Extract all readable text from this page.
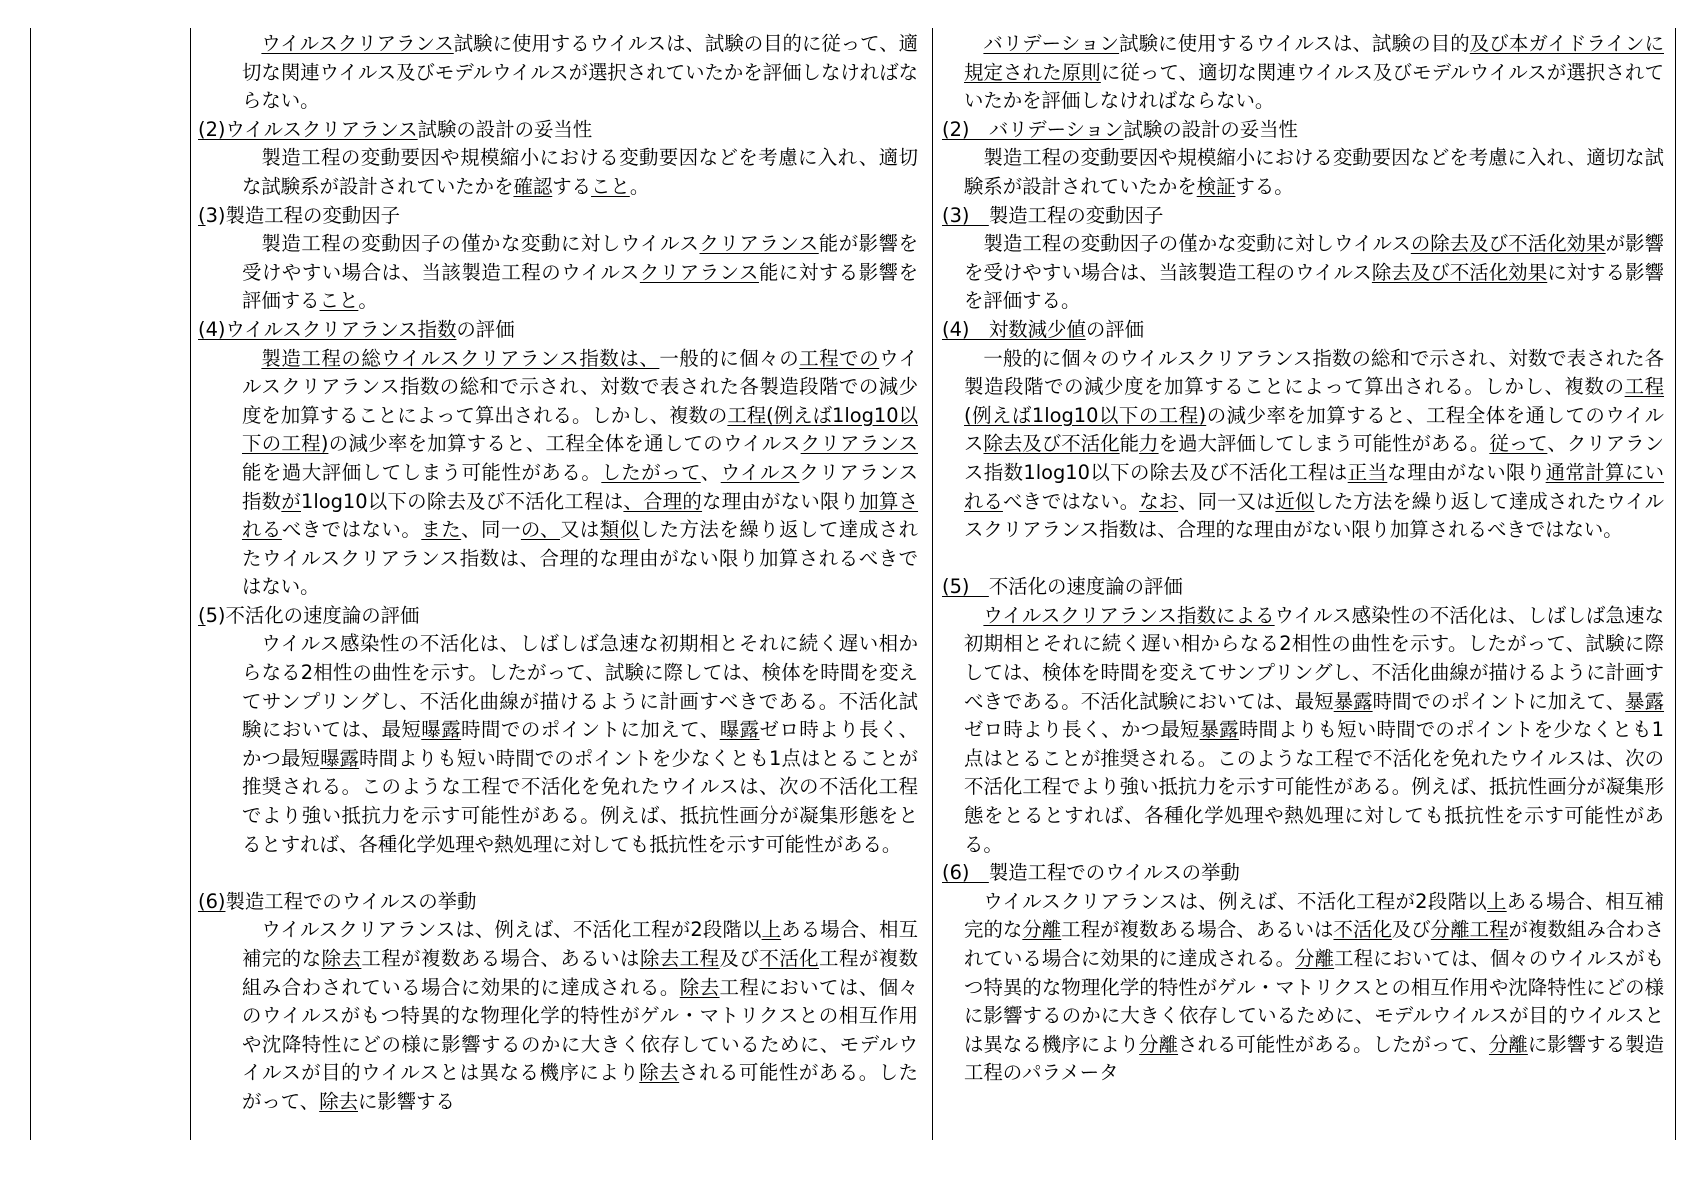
ウイルスクリアランス試験に使用するウイルスは、試験の目的に従って、適切な関連ウイルス及びモデルウイルスが選択されていたかを評価しなければならない。

(2)ウイルスクリアランス試験の設計の妥当性

製造工程の変動要因や規模縮小における変動要因などを考慮に入れ、適切な試験系が設計されていたかを確認すること。

(3)製造工程の変動因子

製造工程の変動因子の僅かな変動に対しウイルスクリアランス能が影響を受けやすい場合は、当該製造工程のウイルスクリアランス能に対する影響を評価すること。

(4)ウイルスクリアランス指数の評価

製造工程の総ウイルスクリアランス指数は、一般的に個々の工程でのウイルスクリアランス指数の総和で示され、対数で表された各製造段階での減少度を加算することによって算出される。しかし、複数の工程(例えば1log10以下の工程)の減少率を加算すると、工程全体を通してのウイルスクリアランス能を過大評価してしまう可能性がある。したがって、ウイルスクリアランス指数が1log10以下の除去及び不活化工程は、合理的な理由がない限り加算されるべきではない。また、同一の、又は類似した方法を繰り返して達成されたウイルスクリアランス指数は、合理的な理由がない限り加算されるべきではない。

(5)不活化の速度論の評価

ウイルス感染性の不活化は、しばしば急速な初期相とそれに続く遅い相からなる2相性の曲性を示す。したがって、試験に際しては、検体を時間を変えてサンプリングし、不活化曲線が描けるように計画すべきである。不活化試験においては、最短曝露時間でのポイントに加えて、曝露ゼロ時より長く、かつ最短曝露時間よりも短い時間でのポイントを少なくとも1点はとることが推奨される。このような工程で不活化を免れたウイルスは、次の不活化工程でより強い抵抗力を示す可能性がある。例えば、抵抗性画分が凝集形態をとるとすれば、各種化学処理や熱処理に対しても抵抗性を示す可能性がある。

(6)製造工程でのウイルスの挙動

ウイルスクリアランスは、例えば、不活化工程が2段階以上ある場合、相互補完的な除去工程が複数ある場合、あるいは除去工程及び不活化工程が複数組み合わされている場合に効果的に達成される。除去工程においては、個々のウイルスがもつ特異的な物理化学的特性がゲル・マトリクスとの相互作用や沈降特性にどの様に影響するのかに大きく依存しているために、モデルウイルスが目的ウイルスとは異なる機序により除去される可能性がある。したがって、除去に影響する

バリデーション試験に使用するウイルスは、試験の目的及び本ガイドラインに規定された原則に従って、適切な関連ウイルス及びモデルウイルスが選択されていたかを評価しなければならない。

(2)　バリデーション試験の設計の妥当性

製造工程の変動要因や規模縮小における変動要因などを考慮に入れ、適切な試験系が設計されていたかを検証する。

(3)　製造工程の変動因子

製造工程の変動因子の僅かな変動に対しウイルスの除去及び不活化効果が影響を受けやすい場合は、当該製造工程のウイルス除去及び不活化効果に対する影響を評価する。

(4)　対数減少値の評価

一般的に個々のウイルスクリアランス指数の総和で示され、対数で表された各製造段階での減少度を加算することによって算出される。しかし、複数の工程(例えば1log10以下の工程)の減少率を加算すると、工程全体を通してのウイルス除去及び不活化能力を過大評価してしまう可能性がある。従って、クリアランス指数1log10以下の除去及び不活化工程は正当な理由がない限り通常計算にいれるべきではない。なお、同一又は近似した方法を繰り返して達成されたウイルスクリアランス指数は、合理的な理由がない限り加算されるべきではない。

(5)　不活化の速度論の評価

ウイルスクリアランス指数によるウイルス感染性の不活化は、しばしば急速な初期相とそれに続く遅い相からなる2相性の曲性を示す。したがって、試験に際しては、検体を時間を変えてサンプリングし、不活化曲線が描けるように計画すべきである。不活化試験においては、最短暴露時間でのポイントに加えて、暴露ゼロ時より長く、かつ最短暴露時間よりも短い時間でのポイントを少なくとも1点はとることが推奨される。このような工程で不活化を免れたウイルスは、次の不活化工程でより強い抵抗力を示す可能性がある。例えば、抵抗性画分が凝集形態をとるとすれば、各種化学処理や熱処理に対しても抵抗性を示す可能性がある。

(6)　製造工程でのウイルスの挙動

ウイルスクリアランスは、例えば、不活化工程が2段階以上ある場合、相互補完的な分離工程が複数ある場合、あるいは不活化及び分離工程が複数組み合わされている場合に効果的に達成される。分離工程においては、個々のウイルスがもつ特異的な物理化学的特性がゲル・マトリクスとの相互作用や沈降特性にどの様に影響するのかに大きく依存しているために、モデルウイルスが目的ウイルスとは異なる機序により分離される可能性がある。したがって、分離に影響する製造工程のパラメータ
